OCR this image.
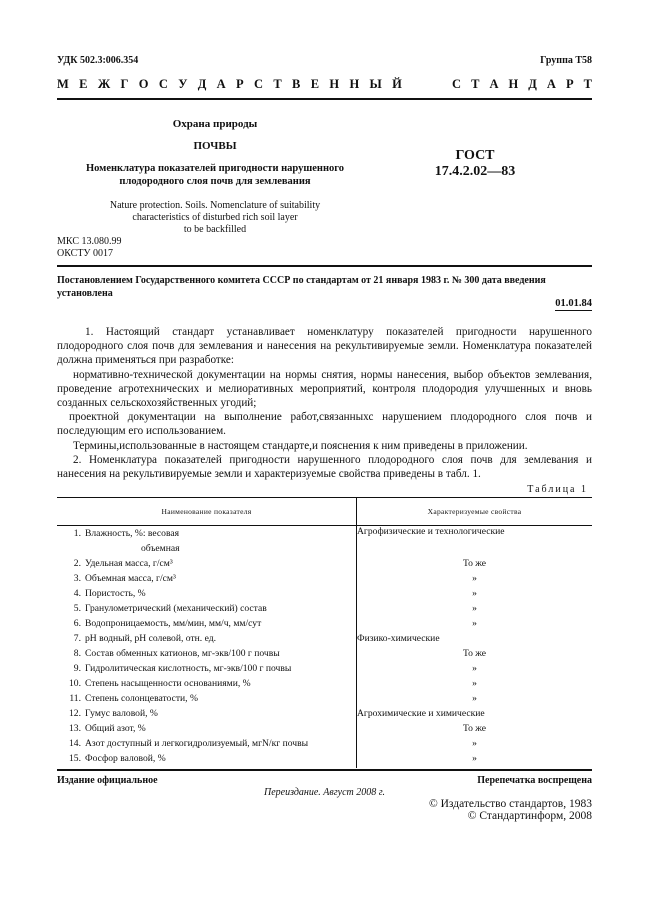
УДК 502.3:006.354	Группа Т58
М Е Ж Г О С У Д А Р С Т В Е Н Н Ы Й	С Т А Н Д А Р Т
Охрана природы
ПОЧВЫ
Номенклатура показателей пригодности нарушенного
плодородного слоя почв для землевания
Nature protection. Soils. Nomenclature of suitability
characteristics of disturbed rich soil layer
to be backfilled
МКС 13.080.99
ОКСТУ 0017
ГОСТ
17.4.2.02—83
Постановлением Государственного комитета СССР по стандартам от 21 января 1983 г. № 300 дата введения установлена
01.01.84

1. Настоящий стандарт устанавливает номенклатуру показателей пригодности нарушенного плодородного слоя почв для землевания и нанесения на рекультивируемые земли. Номенклатура показателей должна применяться при разработке:

нормативно-технической документации на нормы снятия, нормы нанесения, выбор объектов землевания, проведение агротехнических и мелиоративных мероприятий, контроля плодородия улучшенных и вновь созданных сельскохозяйственных угодий;

проектной документации на выполнение работ,связанныхс нарушением плодородного слоя почв и последующим его использованием.

Термины,использованные в настоящем стандарте,и пояснения к ним приведены в приложении.

2. Номенклатура показателей пригодности нарушенного плодородного слоя почв для землевания и нанесения на рекультивируемые земли и характеризуемые свойства приведены в табл. 1.

Таблица 1
Наименование показателя	Характеризуемые свойства
1. Влажность, %: весовая	Агрофизические и технологические
объемная	
2. Удельная масса, г/см³	То же
3. Объемная масса, г/см³	»
4. Пористость, %	»
5. Гранулометрический (механический) состав	»
6. Водопроницаемость, мм/мин, мм/ч, мм/сут	»
7. pH водный, pH солевой, отн. ед.	Физико-химические
8. Состав обменных катионов, мг-экв/100 г почвы	То же
9. Гидролитическая кислотность, мг-экв/100 г почвы	»
10. Степень насыщенности основаниями, %	»
11. Степень солонцеватости, %	»
12. Гумус валовой, %	Агрохимические и химические
13. Общий азот, %	То же
14. Азот доступный и легкогидролизуемый, мгN/кг почвы	»
15. Фосфор валовой, %	»
Издание официальное	Перепечатка воспрещена
Переиздание. Август 2008 г.
© Издательство стандартов, 1983
© Стандартинформ, 2008
